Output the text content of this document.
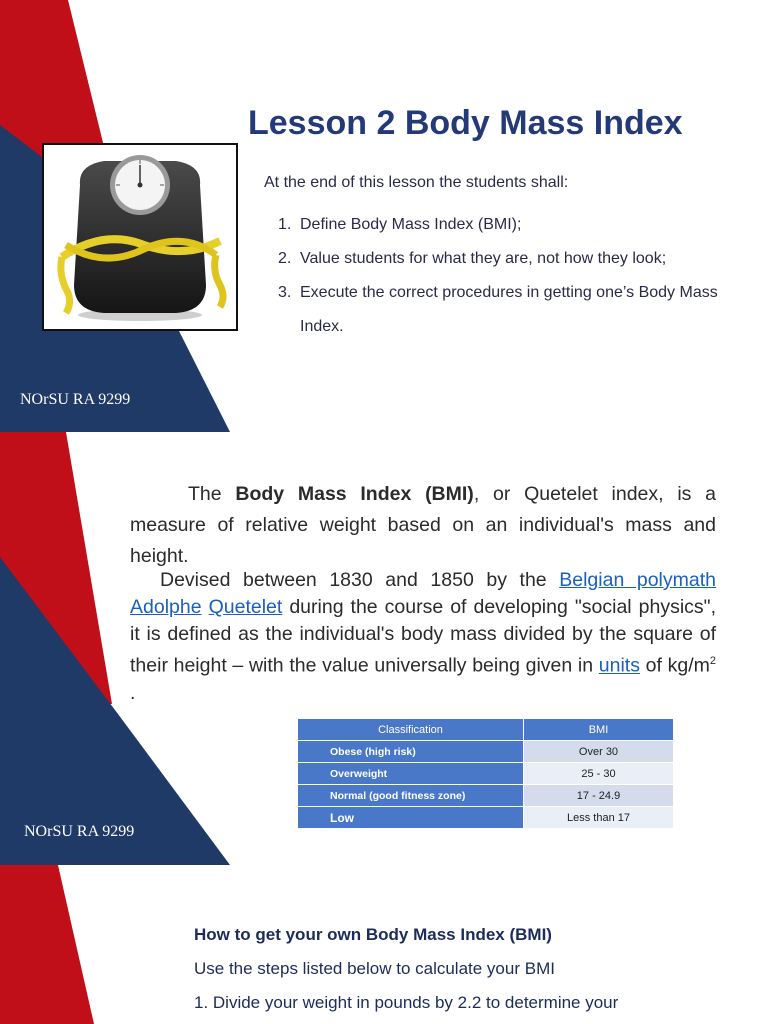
Lesson 2 Body Mass Index
At the end of this lesson the students shall:
1. Define Body Mass Index (BMI);
2. Value students for what they are, not how they look;
3. Execute the correct procedures in getting one’s Body Mass Index.
NOrSU RA 9299
The Body Mass Index (BMI), or Quetelet index, is a measure of relative weight based on an individual's mass and height.
Devised between 1830 and 1850 by the Belgian polymath Adolphe Quetelet during the course of developing "social physics", it is defined as the individual's body mass divided by the square of their height – with the value universally being given in units of $kg/m^2$ .
Classification	BMI
Obese (high risk)	Over 30
Overweight	25 - 30
Normal (good fitness zone)	17 - 24.9
Low	Less than 17
NOrSU RA 9299
How to get your own Body Mass Index (BMI)
Use the steps listed below to calculate your BMI
1. Divide your weight in pounds by 2.2 to determine your
